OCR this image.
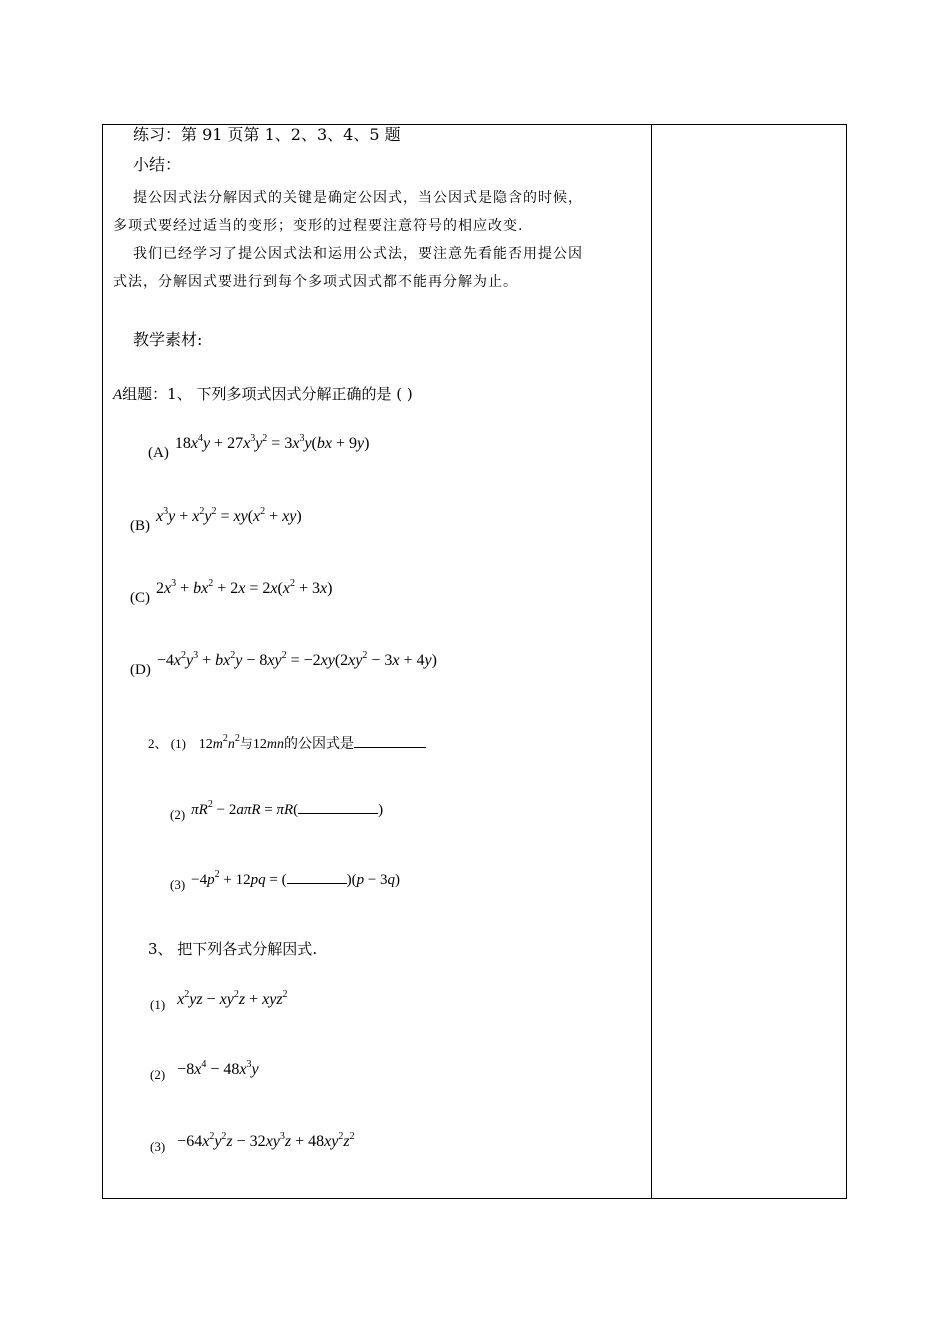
练习：第 91 页第 1、2、3、4、5 题
小结：
提公因式法分解因式的关键是确定公因式，当公因式是隐含的时候，
多项式要经过适当的变形；变形的过程要注意符号的相应改变.
我们已经学习了提公因式法和运用公式法，要注意先看能否用提公因
式法，分解因式要进行到每个多项式因式都不能再分解为止。
教学素材:
A组题：1、 下列多项式因式分解正确的是 ( )
$(A)18x^4y + 27x^3y^2 = 3x^3y(bx + 9y)$
$(B)x^3y + x^2y^2 = xy(x^2 + xy)$
$(C)2x^3 + bx^2 + 2x = 2x(x^2 + 3x)$
$(D)-4x^2y^3 + bx^2y - 8xy^2 = -2xy(2xy^2 - 3x + 4y)$
2、 (1) $12m^2n^2$与12mn的公因式是
(2) $\pi R^2 - 2a\pi R = \pi R$(	)
$(3) -4p^2 + 12pq$ = (	)(p − 3q)
3、 把下列各式分解因式.
(1) $x^2yz - xy^2z + xyz^2$
$(2) -8x^4 - 48x^3y$
$(3) -64x^2y^2z - 32xy^3z + 48xy^2z^2$
